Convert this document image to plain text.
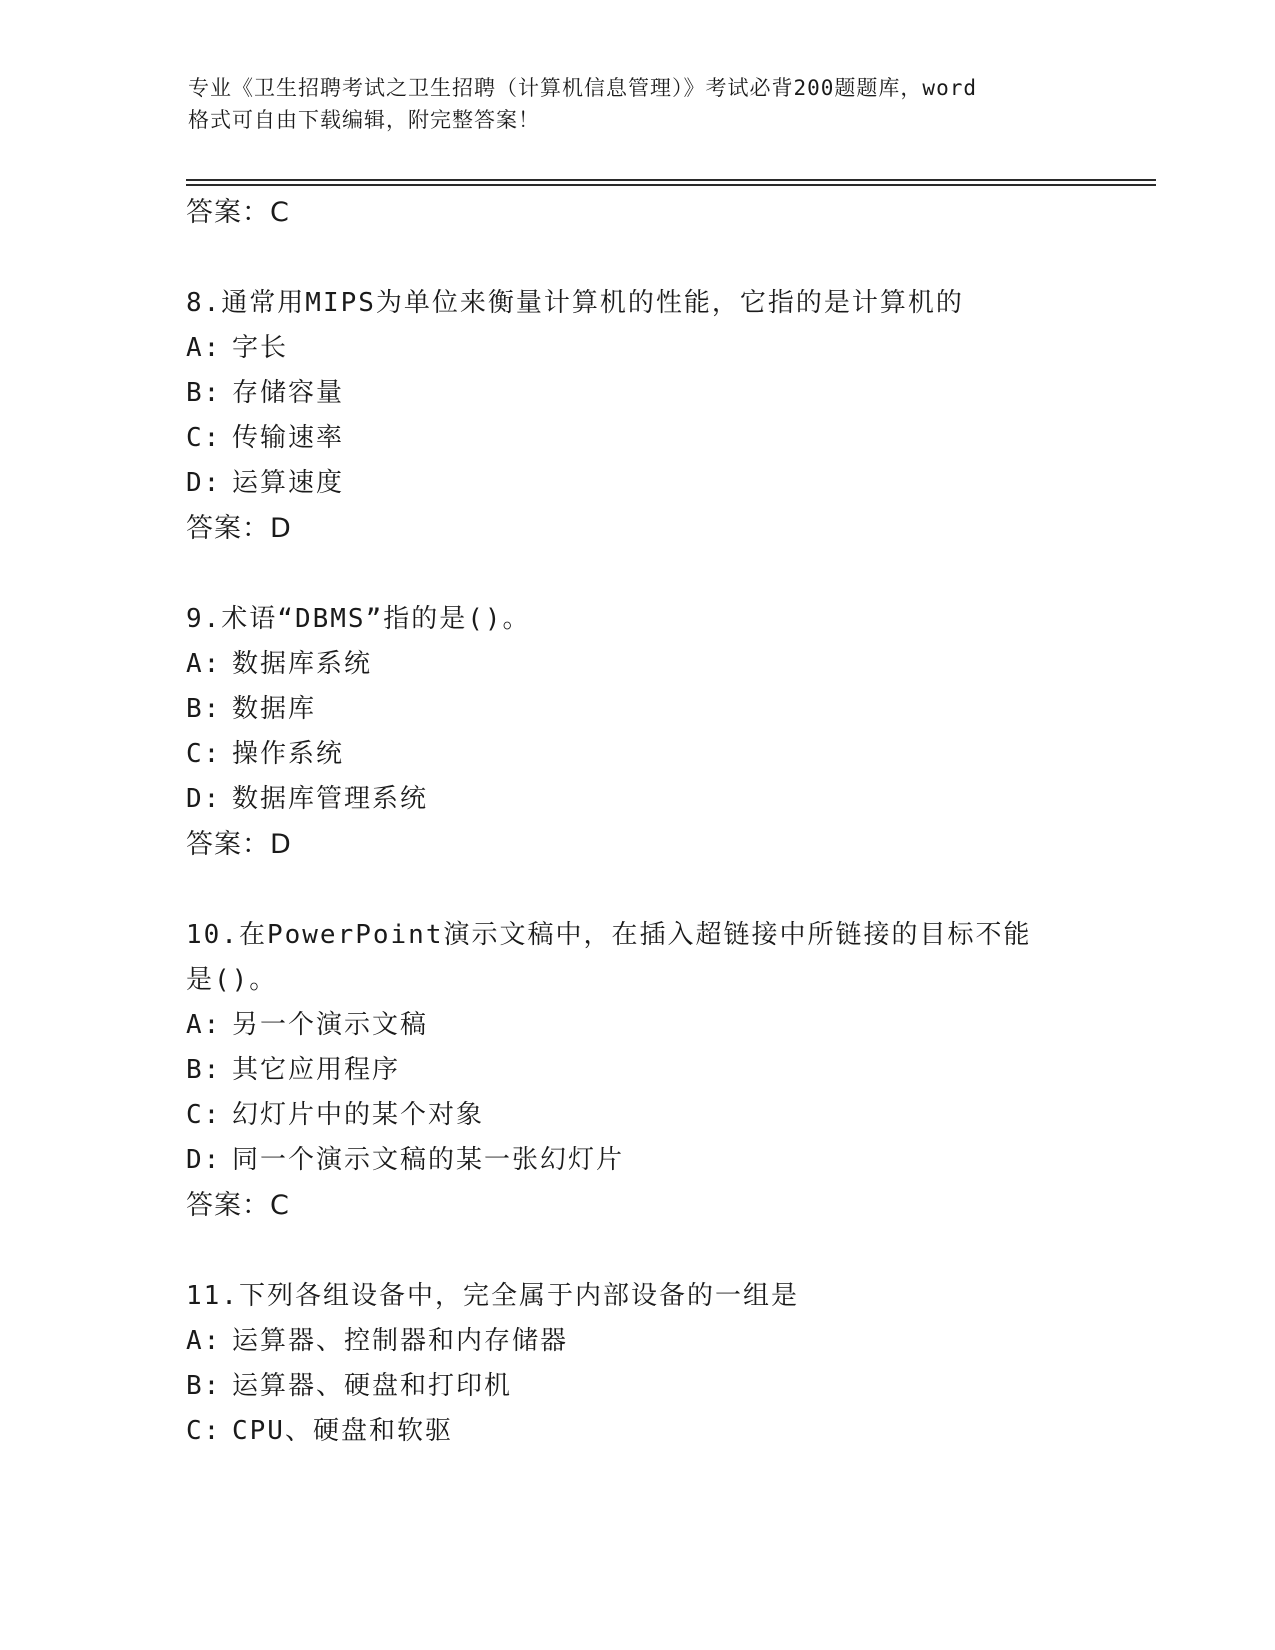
专业《卫生招聘考试之卫生招聘（计算机信息管理）》考试必背200题题库，word
格式可自由下载编辑，附完整答案！
答案：C
8.通常用MIPS为单位来衡量计算机的性能，它指的是计算机的
A: 字长
B: 存储容量
C: 传输速率
D: 运算速度
答案：D
9.术语“DBMS”指的是()。
A: 数据库系统
B: 数据库
C: 操作系统
D: 数据库管理系统
答案：D
10.在PowerPoint演示文稿中，在插入超链接中所链接的目标不能是()。
A: 另一个演示文稿
B: 其它应用程序
C: 幻灯片中的某个对象
D: 同一个演示文稿的某一张幻灯片
答案：C
11.下列各组设备中，完全属于内部设备的一组是
A: 运算器、控制器和内存储器
B: 运算器、硬盘和打印机
C: CPU、硬盘和软驱
